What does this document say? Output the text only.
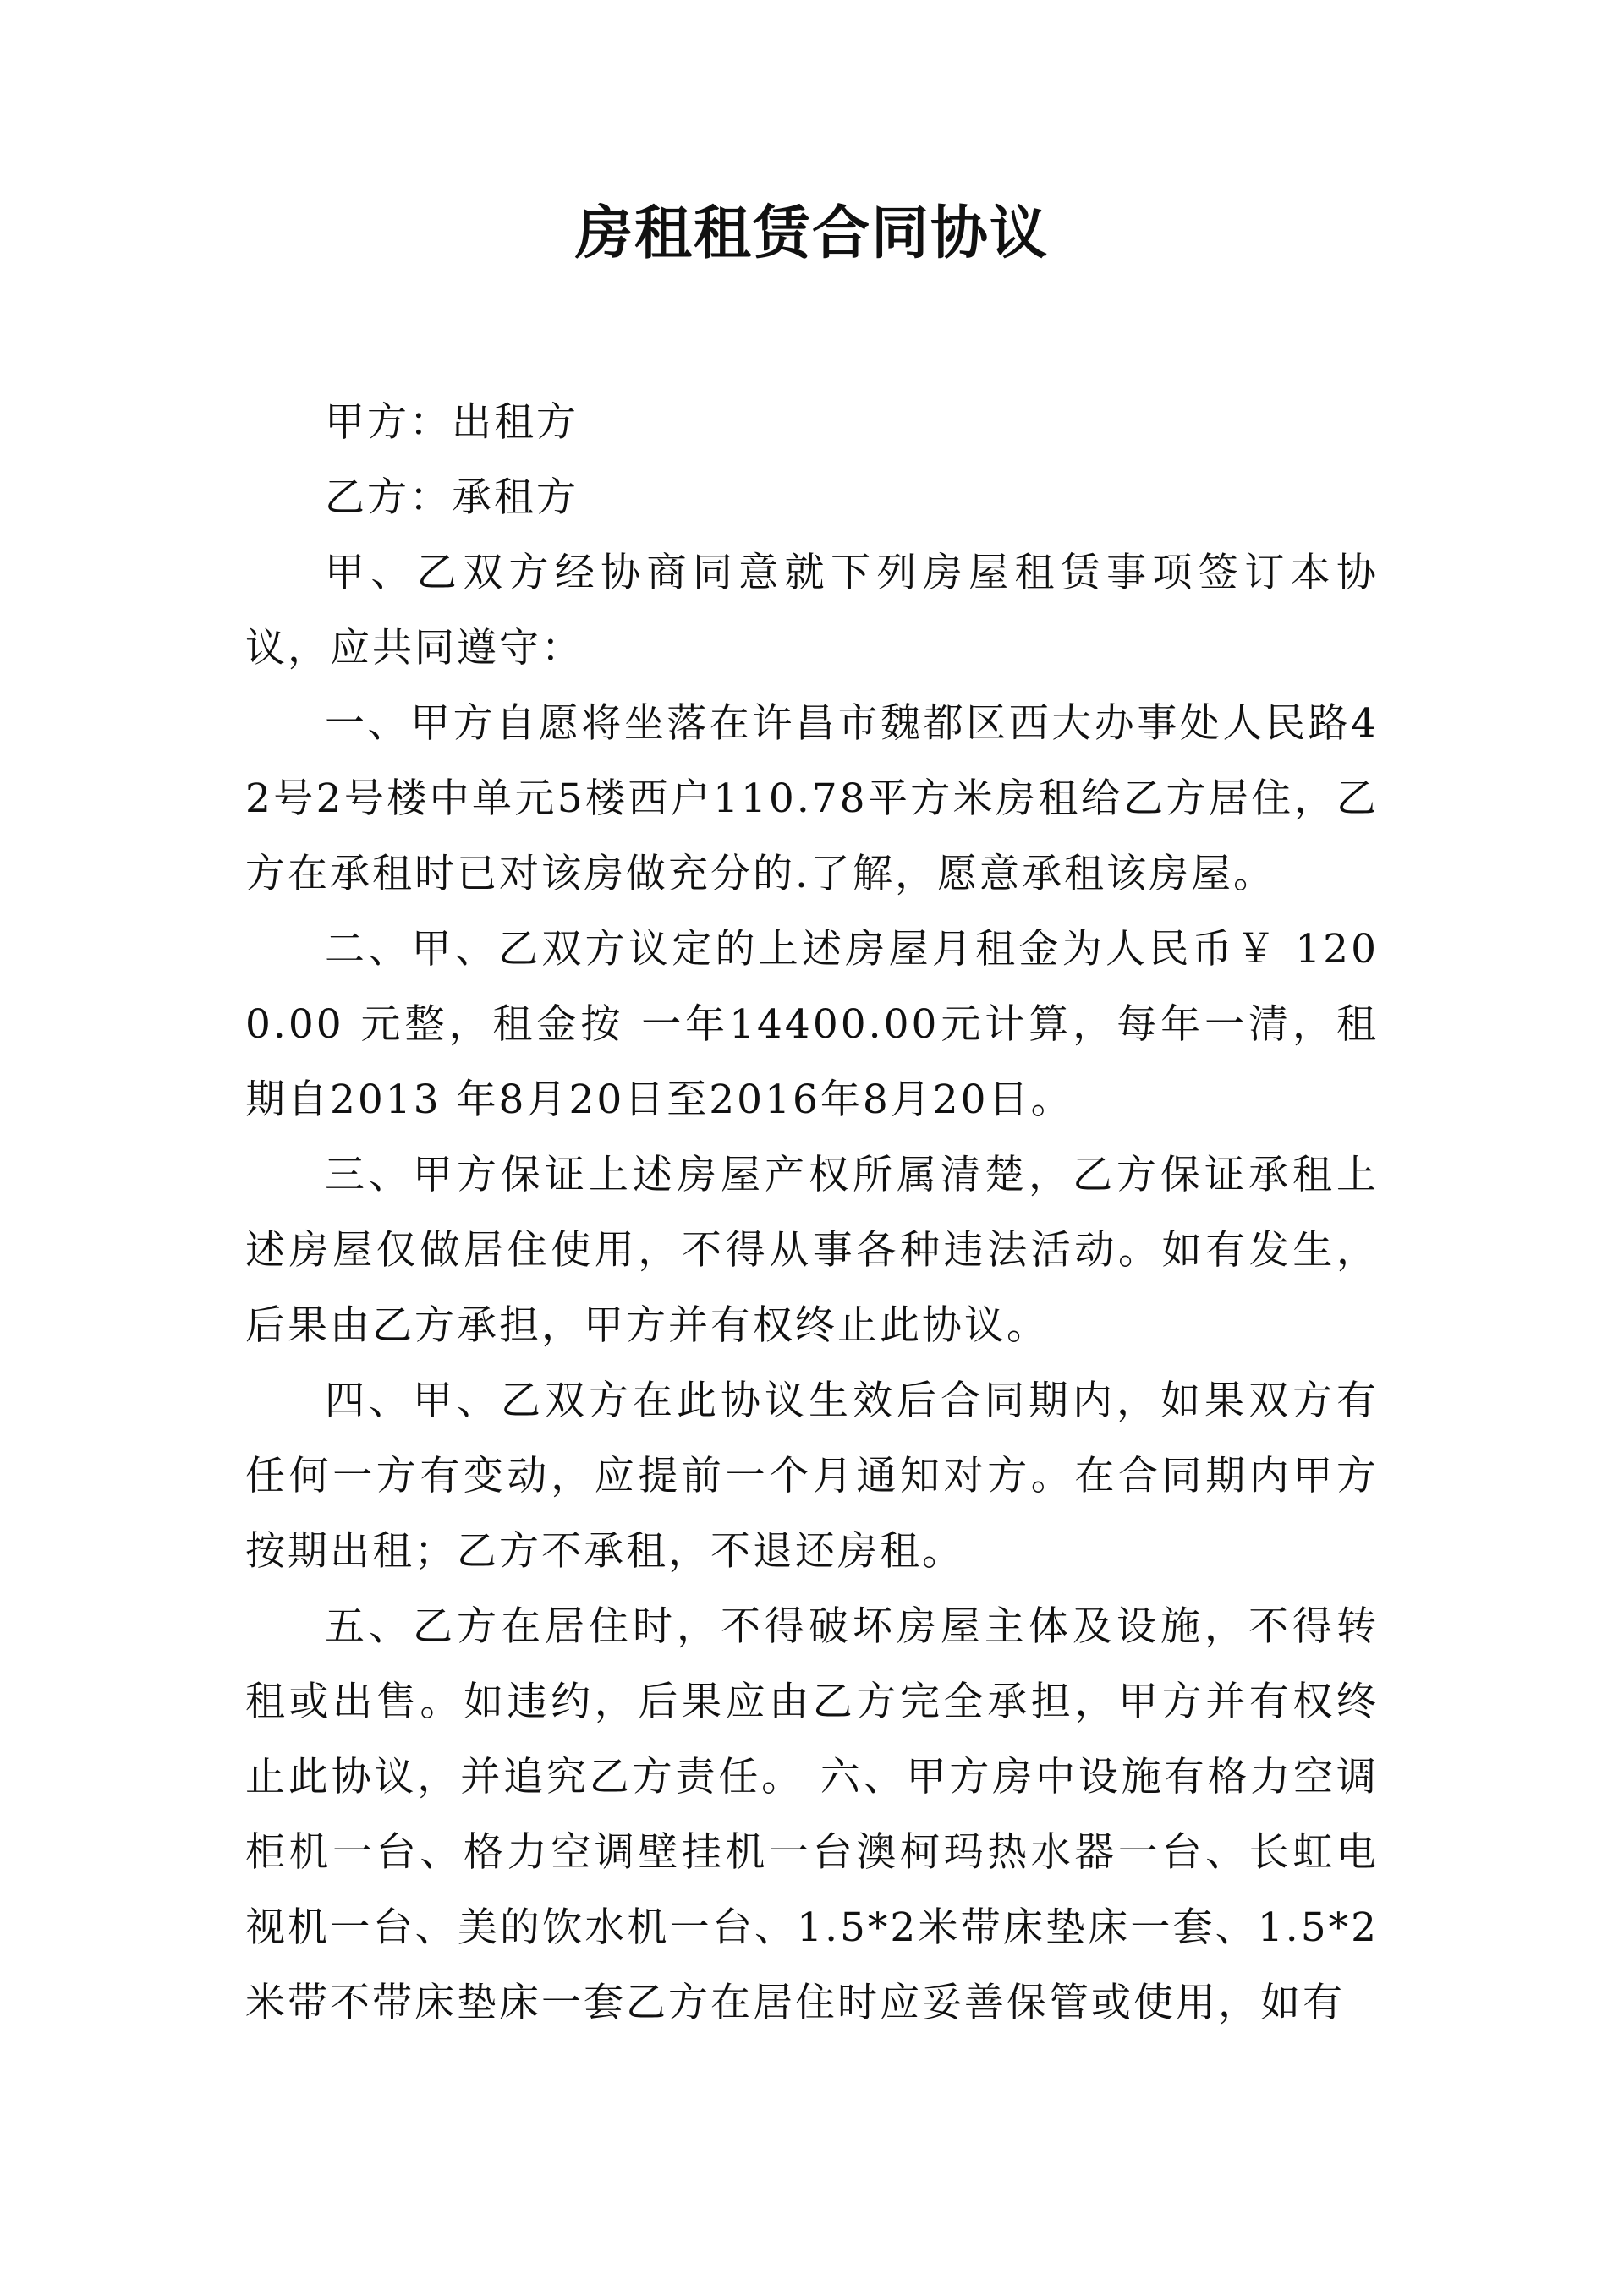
房租租赁合同协议

甲方：出租方

乙方：承租方

甲、乙双方经协商同意就下列房屋租赁事项签订本协议，应共同遵守：

一、甲方自愿将坐落在许昌市魏都区西大办事处人民路42号2号楼中单元5楼西户110.78平方米房租给乙方居住，乙方在承租时已对该房做充分的.了解，愿意承租该房屋。

二、甲、乙双方议定的上述房屋月租金为人民币￥ 1200.00 元整，租金按 一年14400.00元计算，每年一清，租期自2013 年8月20日至2016年8月20日。

三、甲方保证上述房屋产权所属清楚，乙方保证承租上述房屋仅做居住使用，不得从事各种违法活动。如有发生，后果由乙方承担，甲方并有权终止此协议。

四、甲、乙双方在此协议生效后合同期内，如果双方有任何一方有变动，应提前一个月通知对方。在合同期内甲方按期出租；乙方不承租，不退还房租。

五、乙方在居住时，不得破坏房屋主体及设施，不得转租或出售。如违约，后果应由乙方完全承担，甲方并有权终止此协议，并追究乙方责任。 六、甲方房中设施有格力空调柜机一台、格力空调壁挂机一台澳柯玛热水器一台、长虹电视机一台、美的饮水机一台、1.5*2米带床垫床一套、1.5*2米带不带床垫床一套乙方在居住时应妥善保管或使用，如有
